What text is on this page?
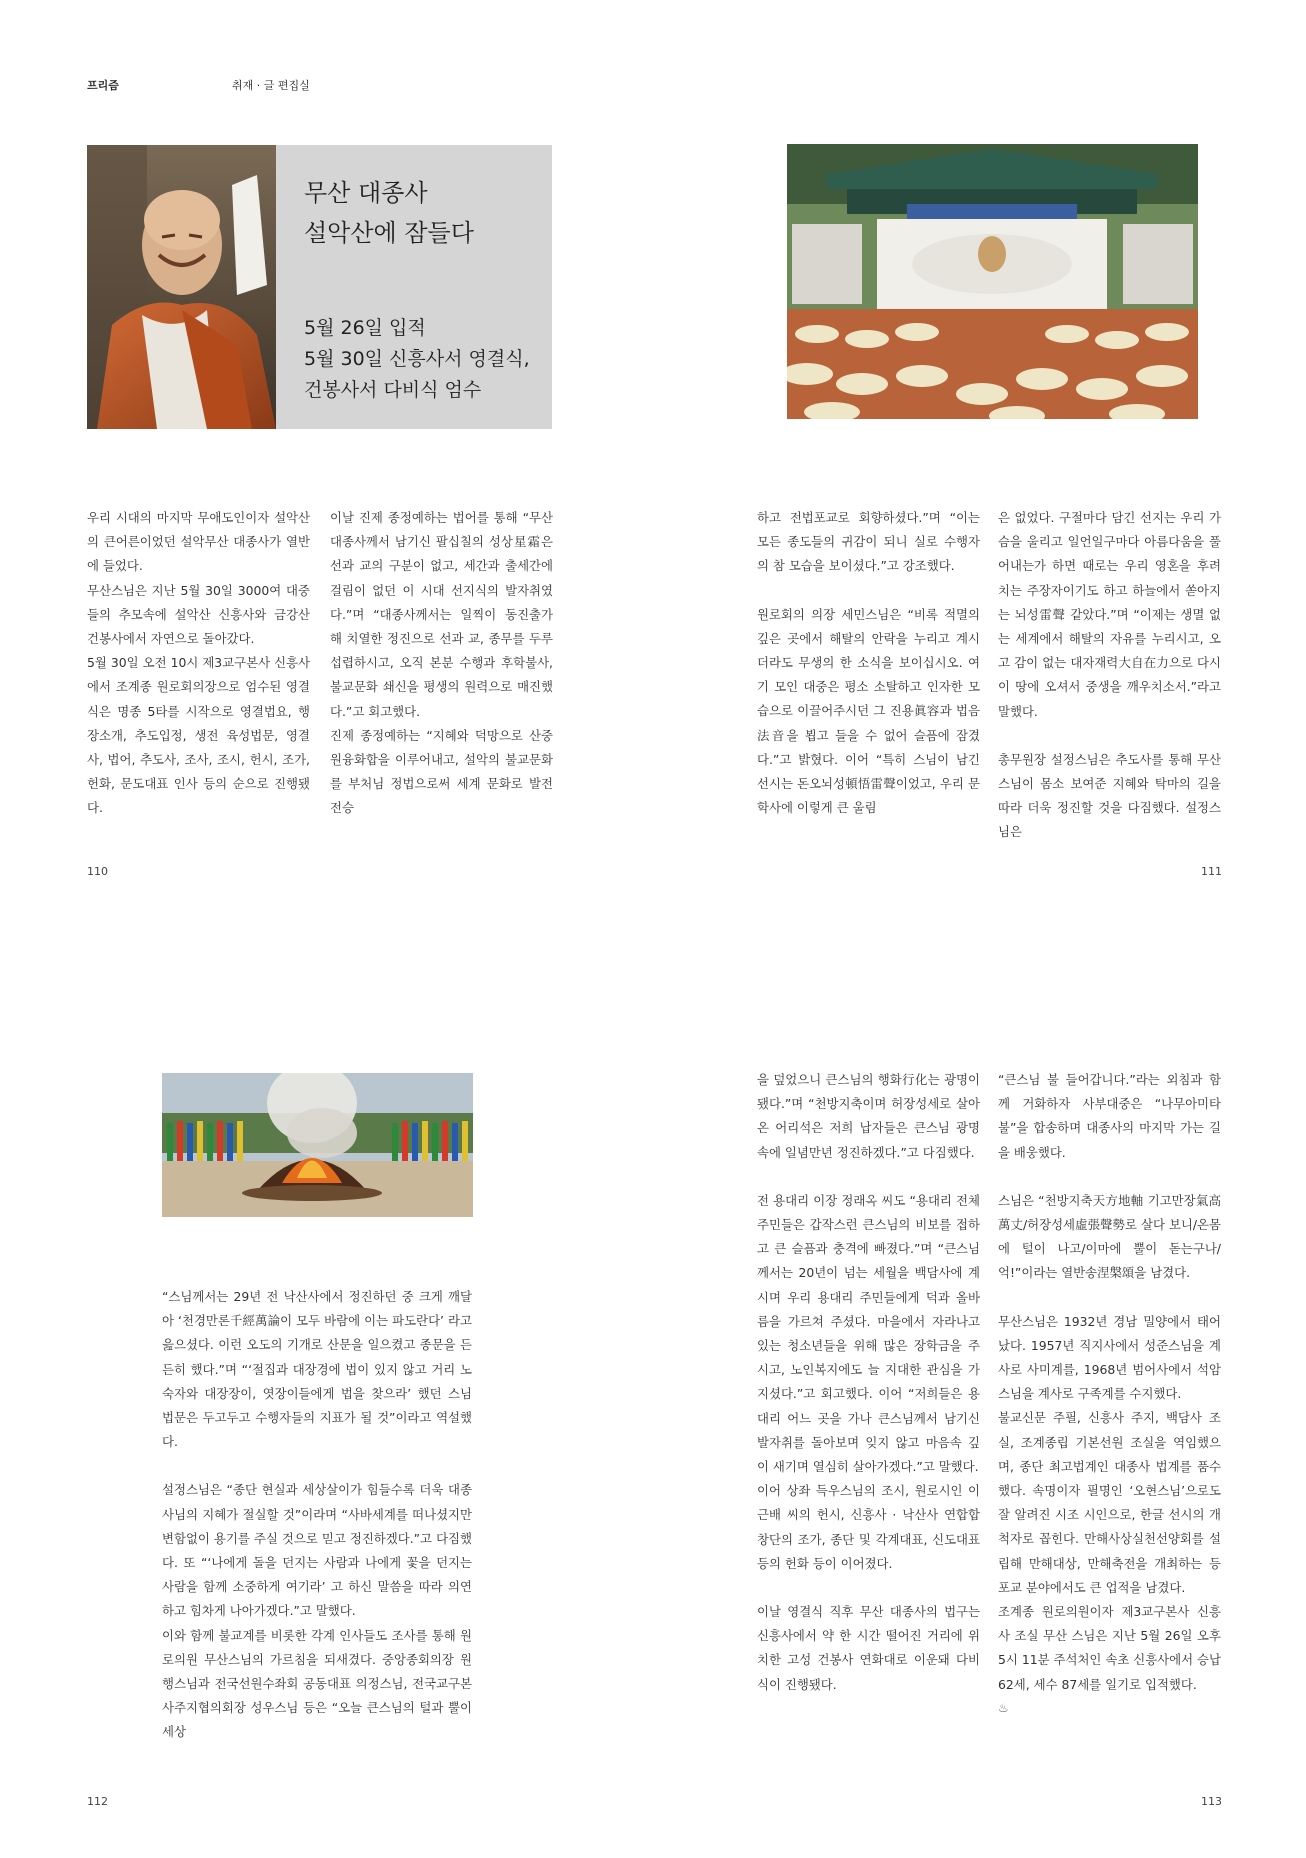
프리즘	취재 · 글 편집실
무산 대종사
설악산에 잠들다
5월 26일 입적
5월 30일 신흥사서 영결식,
건봉사서 다비식 엄수

우리 시대의 마지막 무애도인이자 설악산의 큰어른이었던 설악무산 대종사가 열반에 들었다.

무산스님은 지난 5월 30일 3000여 대중들의 추모속에 설악산 신흥사와 금강산 건봉사에서 자연으로 돌아갔다.

5월 30일 오전 10시 제3교구본사 신흥사에서 조계종 원로회의장으로 엄수된 영결식은 명종 5타를 시작으로 영결법요, 행장소개, 추도입정, 생전 육성법문, 영결사, 법어, 추도사, 조사, 조시, 헌시, 조가, 헌화, 문도대표 인사 등의 순으로 진행됐다.

이날 진제 종정예하는 법어를 통해 “무산대종사께서 남기신 팔십칠의 성상星霜은 선과 교의 구분이 없고, 세간과 출세간에 걸림이 없던 이 시대 선지식의 발자취였다.”며 “대종사께서는 일찍이 동진출가 해 치열한 정진으로 선과 교, 종무를 두루 섭렵하시고, 오직 본분 수행과 후학불사, 불교문화 쇄신을 평생의 원력으로 매진했다.”고 회고했다.

진제 종정예하는 “지혜와 덕망으로 산중원융화합을 이루어내고, 설악의 불교문화를 부처님 정법으로써 세계 문화로 발전 전승

하고 전법포교로 회향하셨다.”며 “이는 모든 종도들의 귀감이 되니 실로 수행자의 참 모습을 보이셨다.”고 강조했다.

원로회의 의장 세민스님은 “비록 적멸의 깊은 곳에서 해탈의 안락을 누리고 계시더라도 무생의 한 소식을 보이십시오. 여기 모인 대중은 평소 소탈하고 인자한 모습으로 이끌어주시던 그 진용眞容과 법음法音을 뵙고 들을 수 없어 슬픔에 잠겼다.”고 밝혔다. 이어 “특히 스님이 남긴 선시는 돈오뇌성頓悟雷聲이었고, 우리 문학사에 이렇게 큰 울림

은 없었다. 구절마다 담긴 선지는 우리 가슴을 울리고 일언일구마다 아름다움을 풀어내는가 하면 때로는 우리 영혼을 후려치는 주장자이기도 하고 하늘에서 쏟아지는 뇌성雷聲 같았다.”며 “이제는 생멸 없는 세계에서 해탈의 자유를 누리시고, 오고 감이 없는 대자재력大自在力으로 다시 이 땅에 오셔서 중생을 깨우치소서.”라고 말했다.

총무원장 설정스님은 추도사를 통해 무산스님이 몸소 보여준 지혜와 탁마의 길을 따라 더욱 정진할 것을 다짐했다. 설정스님은

110	111

“스님께서는 29년 전 낙산사에서 정진하던 중 크게 깨달아 ‘천경만론千經萬論이 모두 바람에 이는 파도란다’ 라고 읊으셨다. 이런 오도의 기개로 산문을 일으켰고 종문을 든든히 했다.”며 “‘절집과 대장경에 법이 있지 않고 거리 노숙자와 대장장이, 엿장이들에게 법을 찾으라’ 했던 스님 법문은 두고두고 수행자들의 지표가 될 것”이라고 역설했다.

설정스님은 “종단 현실과 세상살이가 힘들수록 더욱 대종사님의 지혜가 절실할 것”이라며 “사바세계를 떠나셨지만 변함없이 용기를 주실 것으로 믿고 정진하겠다.”고 다짐했다. 또 “‘나에게 돌을 던지는 사람과 나에게 꽃을 던지는 사람을 함께 소중하게 여기라’ 고 하신 말씀을 따라 의연하고 힘차게 나아가겠다.”고 말했다.

이와 함께 불교계를 비롯한 각계 인사들도 조사를 통해 원로의원 무산스님의 가르침을 되새겼다. 중앙종회의장 원행스님과 전국선원수좌회 공동대표 의정스님, 전국교구본사주지협의회장 성우스님 등은 “오늘 큰스님의 털과 뿔이 세상

을 덮었으니 큰스님의 행화行化는 광명이 됐다.”며 “천방지축이며 허장성세로 살아온 어리석은 저희 납자들은 큰스님 광명 속에 일념만년 정진하겠다.”고 다짐했다.

전 용대리 이장 정래옥 씨도 “용대리 전체 주민들은 갑작스런 큰스님의 비보를 접하고 큰 슬픔과 충격에 빠졌다.”며 “큰스님께서는 20년이 넘는 세월을 백담사에 계시며 우리 용대리 주민들에게 덕과 올바름을 가르쳐 주셨다. 마을에서 자라나고 있는 청소년들을 위해 많은 장학금을 주시고, 노인복지에도 늘 지대한 관심을 가지셨다.”고 회고했다. 이어 “저희들은 용대리 어느 곳을 가나 큰스님께서 남기신 발자취를 돌아보며 잊지 않고 마음속 깊이 새기며 열심히 살아가겠다.”고 말했다.

이어 상좌 득우스님의 조시, 원로시인 이근배 씨의 헌시, 신흥사 · 낙산사 연합합창단의 조가, 종단 및 각계대표, 신도대표 등의 헌화 등이 이어졌다.

이날 영결식 직후 무산 대종사의 법구는 신흥사에서 약 한 시간 떨어진 거리에 위치한 고성 건봉사 연화대로 이운돼 다비식이 진행됐다.

“큰스님 불 들어갑니다.”라는 외침과 함께 거화하자 사부대중은 “나무아미타불”을 합송하며 대종사의 마지막 가는 길을 배웅했다.

스님은 “천방지축天方地軸 기고만장氣高萬丈/허장성세虛張聲勢로 살다 보니/온몸에 털이 나고/이마에 뿔이 돋는구나/억!”이라는 열반송涅槃頌을 남겼다.

무산스님은 1932년 경남 밀양에서 태어났다. 1957년 직지사에서 성준스님을 계사로 사미계를, 1968년 범어사에서 석암스님을 계사로 구족계를 수지했다.

불교신문 주필, 신흥사 주지, 백담사 조실, 조계종립 기본선원 조실을 역임했으며, 종단 최고법계인 대종사 법계를 품수했다. 속명이자 필명인 ‘오현스님’으로도 잘 알려진 시조 시인으로, 한글 선시의 개척자로 꼽힌다. 만해사상실천선양회를 설립해 만해대상, 만해축전을 개최하는 등 포교 분야에서도 큰 업적을 남겼다.

조계종 원로의원이자 제3교구본사 신흥사 조실 무산 스님은 지난 5월 26일 오후 5시 11분 주석처인 속초 신흥사에서 승납 62세, 세수 87세를 일기로 입적했다.

♨
112	113
